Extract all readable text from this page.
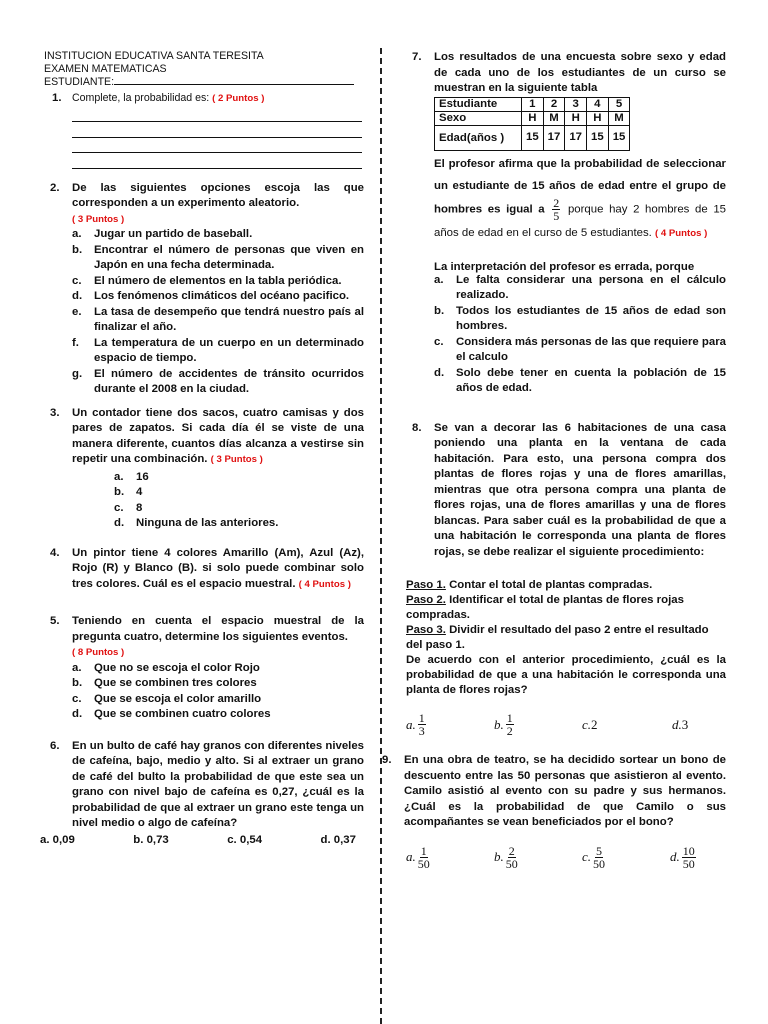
INSTITUCION EDUCATIVA SANTA TERESITA
EXAMEN MATEMATICAS
ESTUDIANTE:
1. Complete, la probabilidad es: ( 2 Puntos )
2.	De las siguientes opciones escoja las que corresponden a un experimento aleatorio.
( 3 Puntos )
a.	Jugar un partido de baseball.
b.	Encontrar el número de personas que viven en Japón en una fecha determinada.
c.	El número de elementos en la tabla periódica.
d.	Los fenómenos climáticos del océano pacifico.
e.	La tasa de desempeño que tendrá nuestro país al finalizar el año.
f.	La temperatura de un cuerpo en un determinado espacio de tiempo.
g.	El número de accidentes de tránsito ocurridos durante el 2008 en la ciudad.
3.	Un contador tiene dos sacos, cuatro camisas y dos pares de zapatos. Si cada día él se viste de una manera diferente, cuantos días alcanza a vestirse sin repetir una combinación. ( 3 Puntos )
a.	16
b.	4
c.	8
d.	Ninguna de las anteriores.
4.	Un pintor tiene 4 colores Amarillo (Am), Azul (Az), Rojo (R) y Blanco (B). si solo puede combinar solo tres colores. Cuál es el espacio muestral. ( 4 Puntos )
5.	Teniendo en cuenta el espacio muestral de la pregunta cuatro, determine los siguientes eventos.
( 8 Puntos )
a.	Que no se escoja el color Rojo
b.	Que se combinen tres colores
c.	Que se escoja el color amarillo
d.	Que se combinen cuatro colores
6.	En un bulto de café hay granos con diferentes niveles de cafeína, bajo, medio y alto. Si al extraer un grano de café del bulto la probabilidad de que este sea un grano con nivel bajo de cafeína es 0,27, ¿cuál es la probabilidad de que al extraer un grano este tenga un nivel medio o algo de cafeína?
a. 0,09	b. 0,73	c. 0,54	d. 0,37
7.	Los resultados de una encuesta sobre sexo y edad de cada uno de los estudiantes de un curso se muestran en la siguiente tabla
Estudiante	1	2	3	4	5
Sexo	H	M	H	H	M
Edad(años )	15	17	17	15	15
El profesor afirma que la probabilidad de seleccionar un estudiante de 15 años de edad entre el grupo de hombres es igual a $\frac{2}{5}$ porque hay 2 hombres de 15 años de edad en el curso de 5 estudiantes. ( 4 Puntos )
La interpretación del profesor es errada, porque
a.	Le falta considerar una persona en el cálculo realizado.
b.	Todos los estudiantes de 15 años de edad son hombres.
c.	Considera más personas de las que requiere para el calculo
d.	Solo debe tener en cuenta la población de 15 años de edad.
8.	Se van a decorar las 6 habitaciones de una casa poniendo una planta en la ventana de cada habitación. Para esto, una persona compra dos plantas de flores rojas y una de flores amarillas, mientras que otra persona compra una planta de flores rojas, una de flores amarillas y una de flores blancas. Para saber cuál es la probabilidad de que a una habitación le corresponda una planta de flores rojas, se debe realizar el siguiente procedimiento:
Paso 1. Contar el total de plantas compradas.
Paso 2. Identificar el total de plantas de flores rojas compradas.
Paso 3. Dividir el resultado del paso 2 entre el resultado del paso 1.
De acuerdo con el anterior procedimiento, ¿cuál es la probabilidad de que a una habitación le corresponda una planta de flores rojas?
a. $\frac{1}{3}$	b. $\frac{1}{2}$	c. 2	d. 3
9.	En una obra de teatro, se ha decidido sortear un bono de descuento entre las 50 personas que asistieron al evento. Camilo asistió al evento con su padre y sus hermanos. ¿Cuál es la probabilidad de que Camilo o sus acompañantes se vean beneficiados por el bono?
a. $\frac{1}{50}$	b. $\frac{2}{50}$	c. $\frac{5}{50}$	d. $\frac{10}{50}$
